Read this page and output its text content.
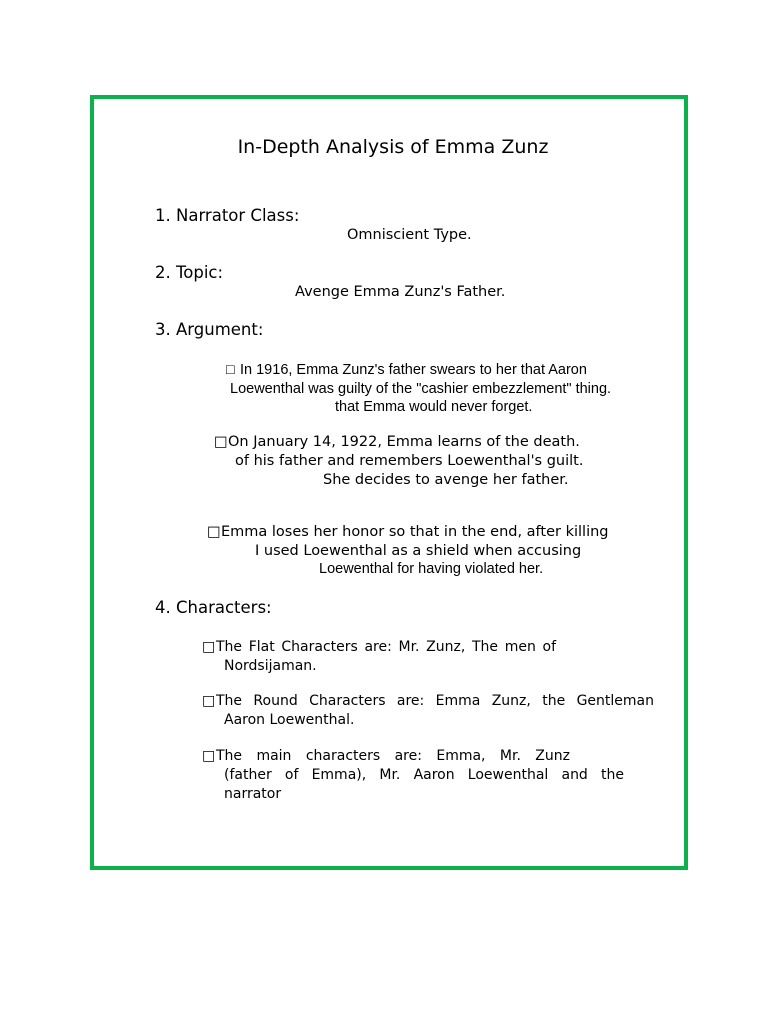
In-Depth Analysis of Emma Zunz
1. Narrator Class:
Omniscient Type.
2. Topic:
Avenge Emma Zunz's Father.
3. Argument:
□ In 1916, Emma Zunz's father swears to her that Aaron
Loewenthal was guilty of the "cashier embezzlement" thing.
that Emma would never forget.
□ On January 14, 1922, Emma learns of the death.
of his father and remembers Loewenthal's guilt.
She decides to avenge her father.
□ Emma loses her honor so that in the end, after killing
I used Loewenthal as a shield when accusing
Loewenthal for having violated her.
4. Characters:
□ The Flat Characters are: Mr. Zunz, The men of
Nordsijaman.
□ The Round Characters are: Emma Zunz, the Gentleman
Aaron Loewenthal.
□ The main characters are: Emma, Mr. Zunz
(father of Emma), Mr. Aaron Loewenthal and the
narrator
